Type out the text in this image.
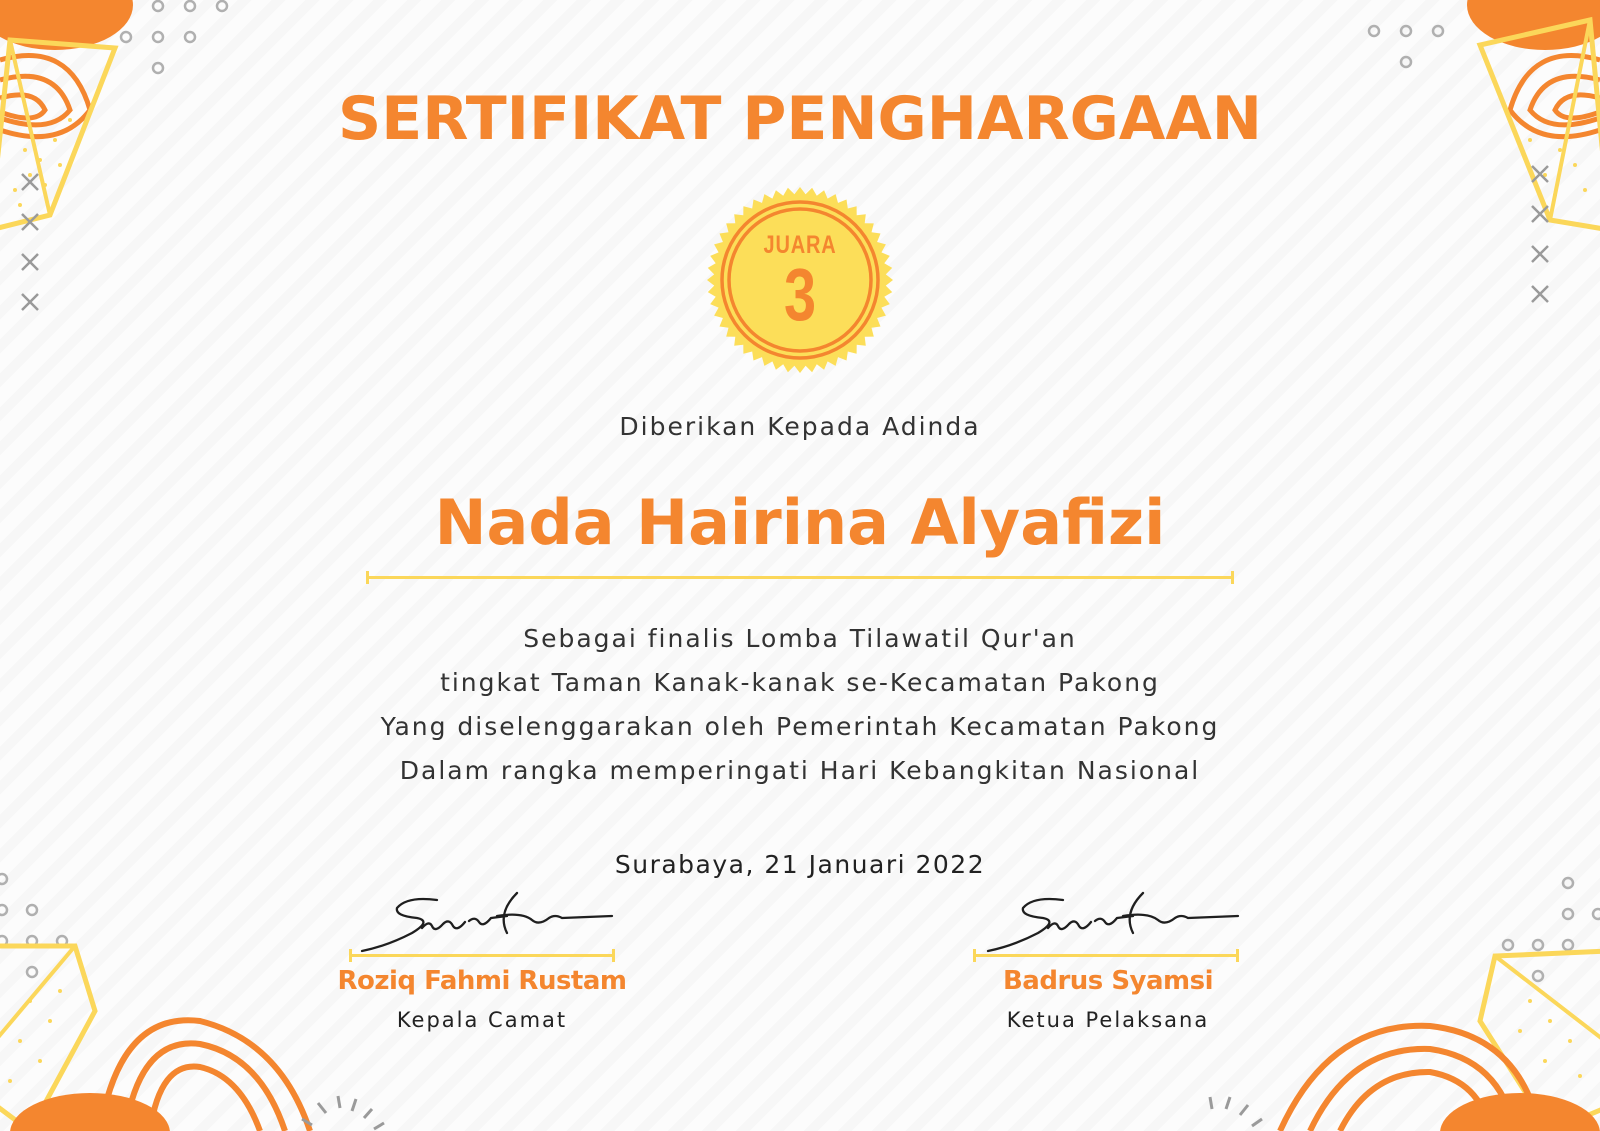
SERTIFIKAT PENGHARGAAN
JUARA
3
Diberikan Kepada Adinda
Nada Hairina Alyafizi
Sebagai finalis Lomba Tilawatil Qur'an
tingkat Taman Kanak-kanak se-Kecamatan Pakong
Yang diselenggarakan oleh Pemerintah Kecamatan Pakong
Dalam rangka memperingati Hari Kebangkitan Nasional
Surabaya, 21 Januari 2022
Roziq Fahmi Rustam
Kepala Camat
Badrus Syamsi
Ketua Pelaksana
